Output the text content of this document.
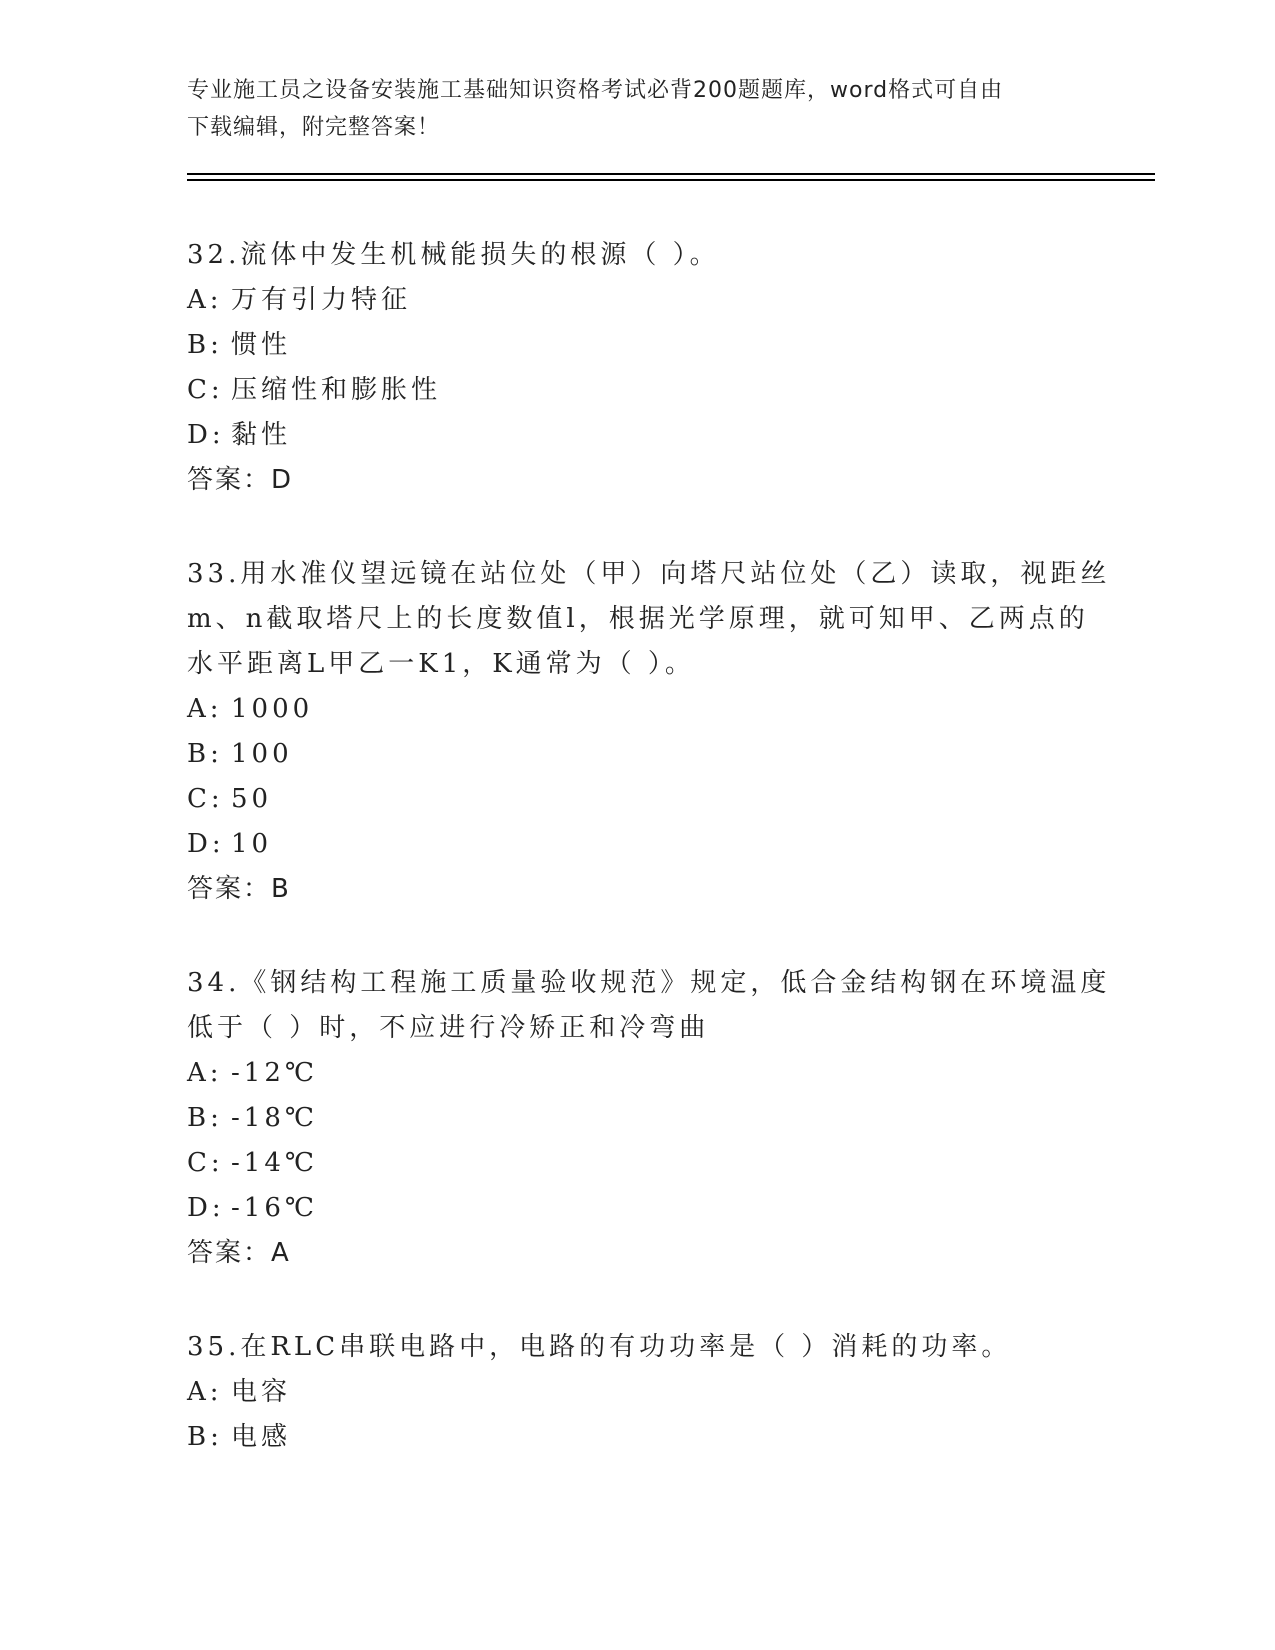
专业施工员之设备安装施工基础知识资格考试必背200题题库，word格式可自由
下载编辑，附完整答案！
32.流体中发生机械能损失的根源（ ）。
A: 万有引力特征
B: 惯性
C: 压缩性和膨胀性
D: 黏性
答案：D
33.用水准仪望远镜在站位处（甲）向塔尺站位处（乙）读取，视距丝
m、n截取塔尺上的长度数值l，根据光学原理，就可知甲、乙两点的
水平距离L甲乙一K1，K通常为（ ）。
A: 1000
B: 100
C: 50
D: 10
答案：B
34.《钢结构工程施工质量验收规范》规定，低合金结构钢在环境温度
低于（ ）时，不应进行冷矫正和冷弯曲
A: -12℃
B: -18℃
C: -14℃
D: -16℃
答案：A
35.在RLC串联电路中，电路的有功功率是（ ）消耗的功率。
A: 电容
B: 电感
